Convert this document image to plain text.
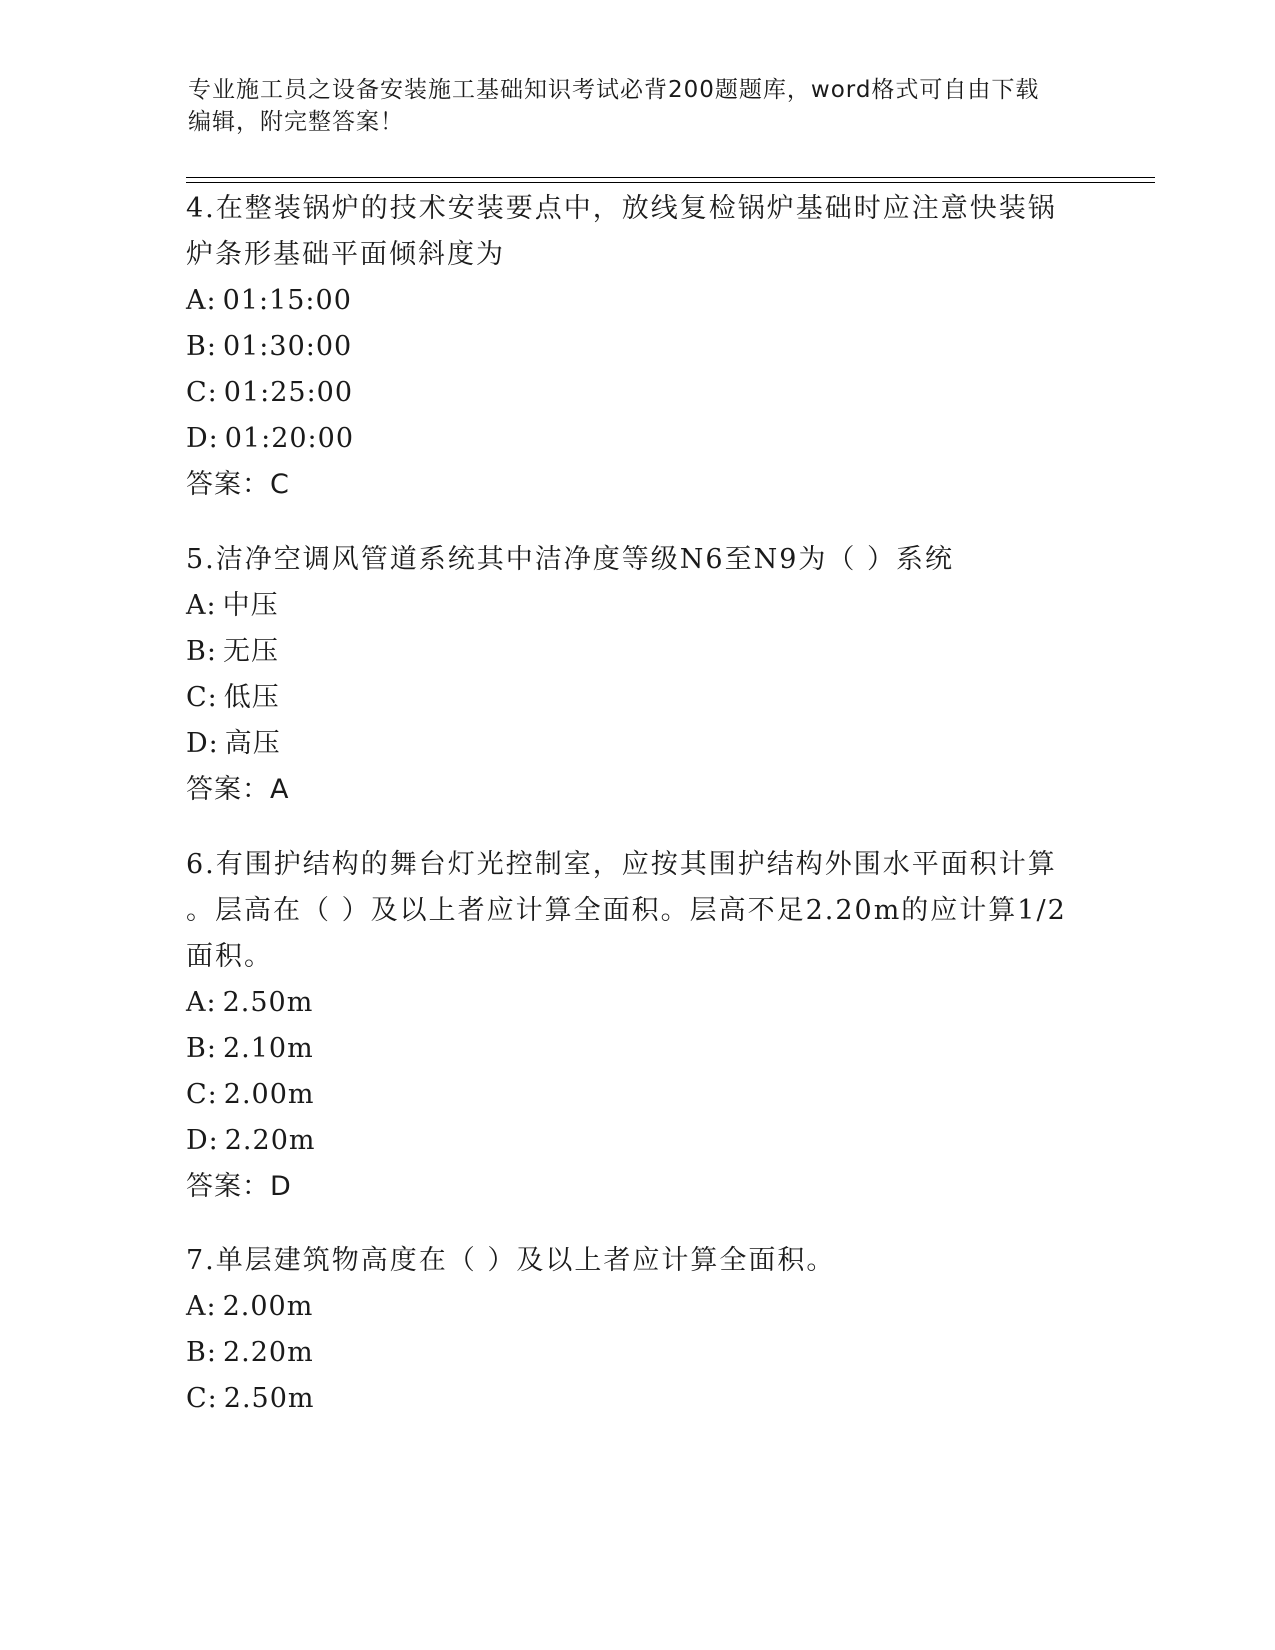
专业施工员之设备安装施工基础知识考试必背200题题库，word格式可自由下载
编辑，附完整答案！
4.在整装锅炉的技术安装要点中，放线复检锅炉基础时应注意快装锅
炉条形基础平面倾斜度为
A: 01:15:00
B: 01:30:00
C: 01:25:00
D: 01:20:00
答案：C
5.洁净空调风管道系统其中洁净度等级N6至N9为（ ）系统
A: 中压
B: 无压
C: 低压
D: 高压
答案：A
6.有围护结构的舞台灯光控制室，应按其围护结构外围水平面积计算
。层高在（ ）及以上者应计算全面积。层高不足2.20m的应计算1/2
面积。
A: 2.50m
B: 2.10m
C: 2.00m
D: 2.20m
答案：D
7.单层建筑物高度在（ ）及以上者应计算全面积。
A: 2.00m
B: 2.20m
C: 2.50m
